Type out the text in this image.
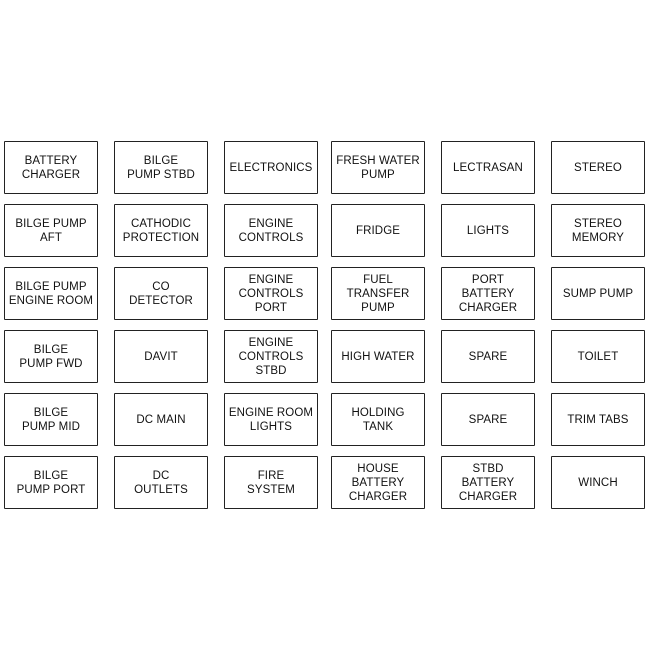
BATTERY
CHARGER
BILGE PUMP AFT
BILGE PUMP
ENGINE ROOM
BILGE
PUMP FWD
BILGE
PUMP MID
BILGE
PUMP PORT
BILGE
PUMP STBD
CATHODIC
PROTECTION
CO
DETECTOR
DAVIT
DC MAIN
DC
OUTLETS
ELECTRONICS
ENGINE
CONTROLS
ENGINE
CONTROLS
PORT
ENGINE
CONTROLS
STBD
ENGINE ROOM
LIGHTS
FIRE
SYSTEM
FRESH WATER
PUMP
FRIDGE
FUEL
TRANSFER
PUMP
HIGH WATER
HOLDING
TANK
HOUSE
BATTERY
CHARGER
LECTRASAN
LIGHTS
PORT
BATTERY
CHARGER
SPARE
SPARE
STBD
BATTERY
CHARGER
STEREO
STEREO
MEMORY
SUMP PUMP
TOILET
TRIM TABS
WINCH
